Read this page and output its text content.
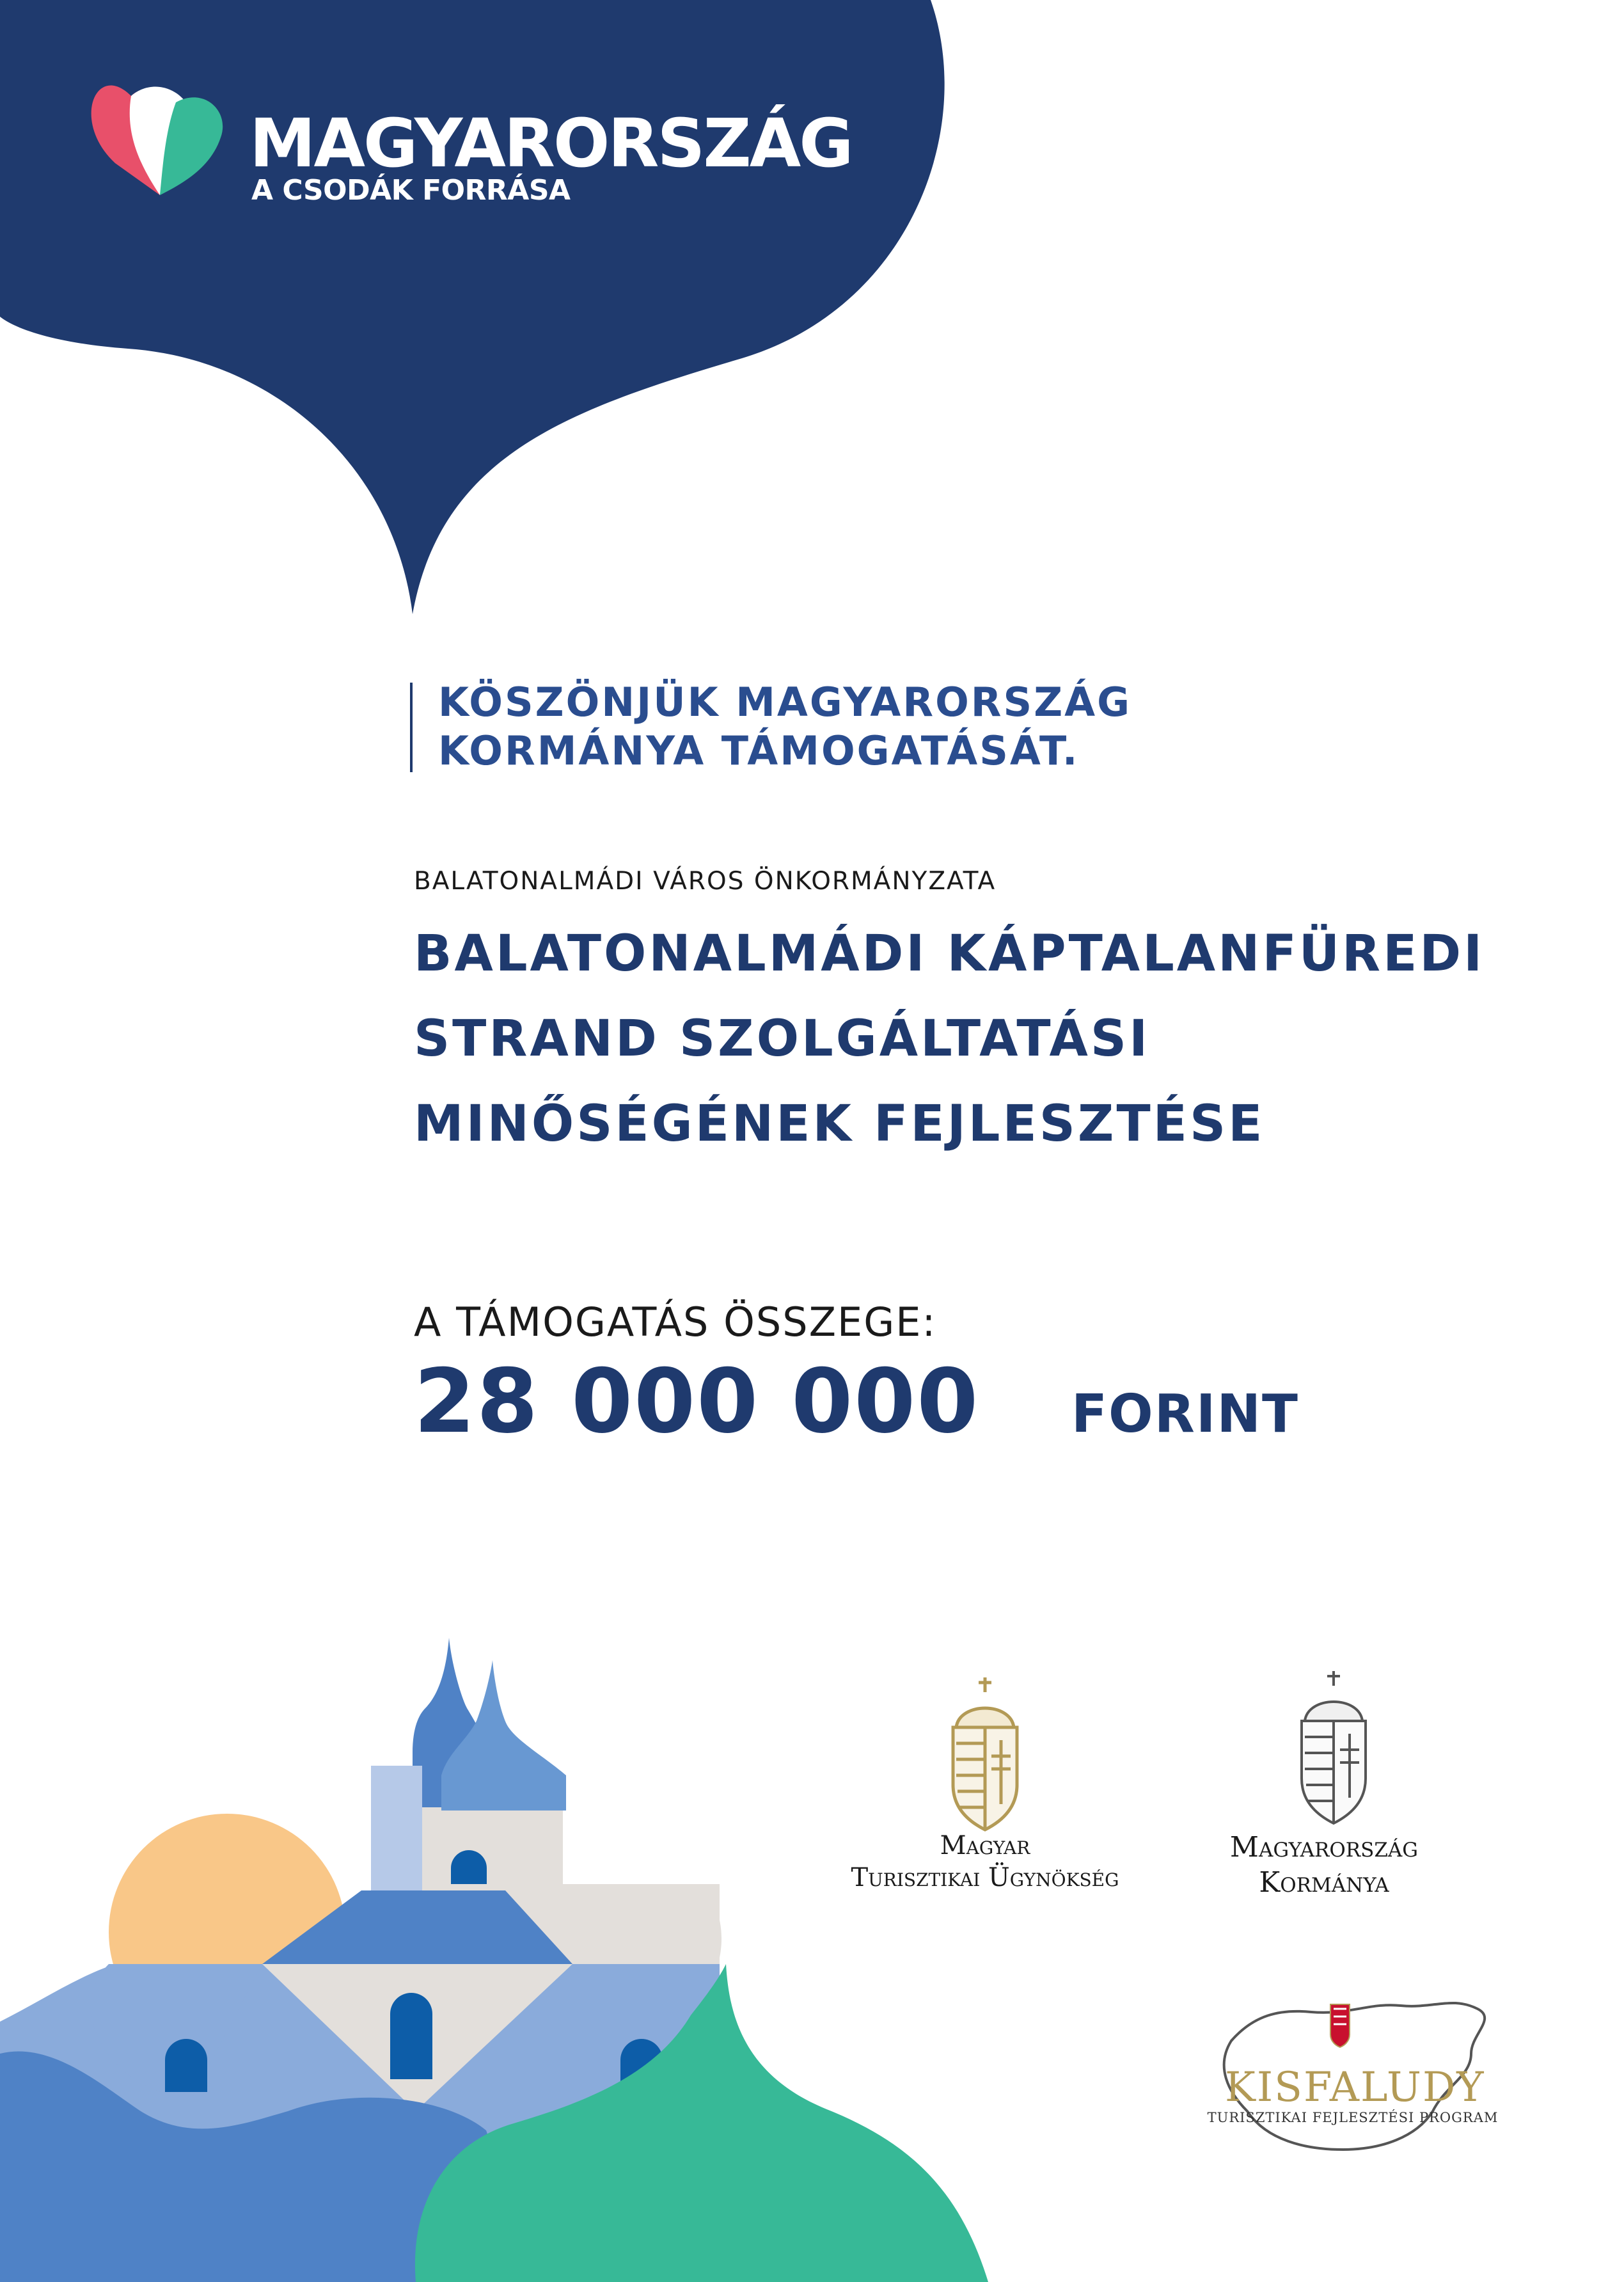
MAGYARORSZÁG
A CSODÁK FORRÁSA
KÖSZÖNJÜK MAGYARORSZÁG
KORMÁNYA TÁMOGATÁSÁT.
BALATONALMÁDI VÁROS ÖNKORMÁNYZATA
BALATONALMÁDI KÁPTALANFÜREDI
STRAND SZOLGÁLTATÁSI
MINŐSÉGÉNEK FEJLESZTÉSE
A TÁMOGATÁS ÖSSZEGE:
28 000 000 FORINT
Magyar
Turisztikai Ügynökség
Magyarország
Kormánya
KISFALUDY
TURISZTIKAI FEJLESZTÉSI PROGRAM
